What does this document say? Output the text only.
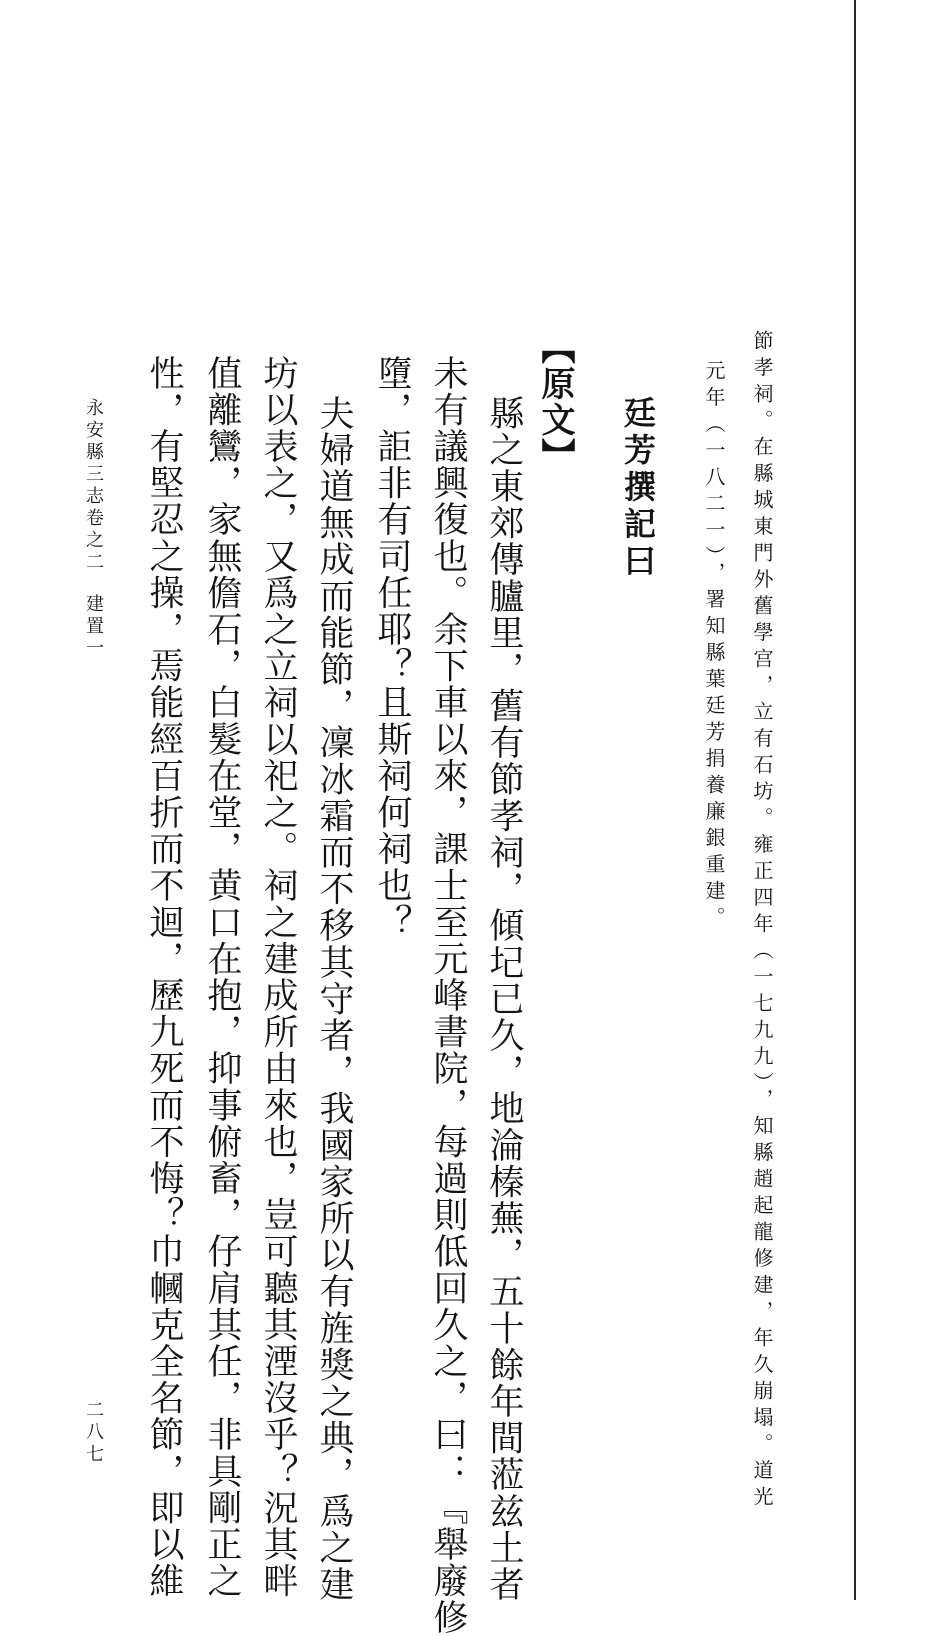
節孝祠。在縣城東門外舊學宫，立有石坊。雍正四年（一七九九），知縣趙起龍修建，年久崩塌。道光
元年（一八二一），署知縣葉廷芳捐養廉銀重建。
廷芳撰記曰
【原文】
縣之東郊傳臚里，舊有節孝祠，傾圮已久，地淪榛蕪，五十餘年間蒞兹土者
未有議興復也。余下車以來，課士至元峰書院，每過則低回久之，曰：『舉廢修
墮，詎非有司任耶？且斯祠何祠也？
夫婦道無成而能節，凜冰霜而不移其守者，我國家所以有旌獎之典，爲之建
坊以表之，又爲之立祠以祀之。祠之建成所由來也，豈可聽其湮沒乎？況其畔
值離鸞，家無儋石，白髮在堂，黄口在抱，抑事俯畜，仔肩其任，非具剛正之
性，有堅忍之操，焉能經百折而不迴，歷九死而不悔？巾幗克全名節，即以維
永安縣三志卷之二
建置一
二八七
